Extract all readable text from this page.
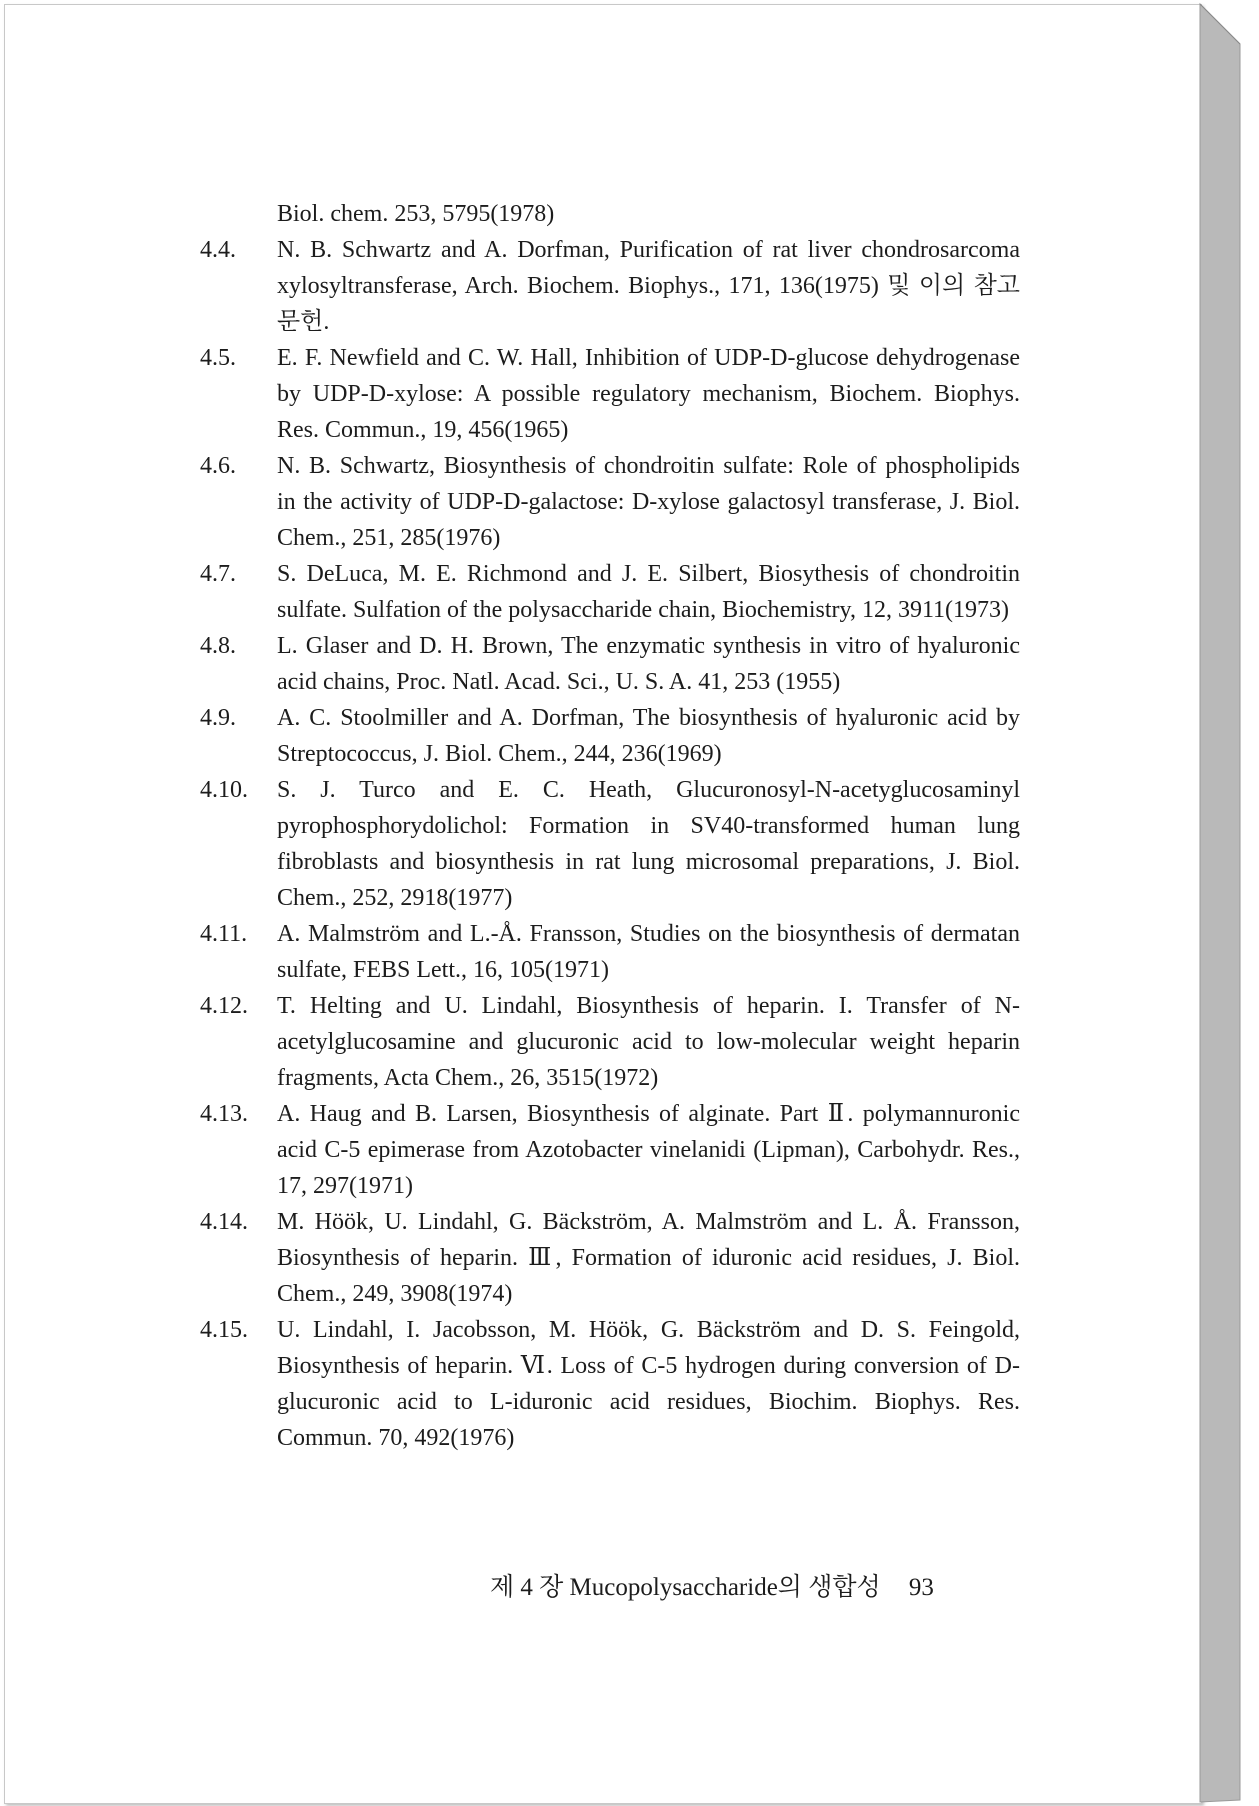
Biol. chem. 253, 5795(1978)
4.4. N. B. Schwartz and A. Dorfman, Purification of rat liver chondrosarcoma xylosyltransferase, Arch. Biochem. Biophys., 171, 136(1975) 및 이의 참고문헌.
4.5. E. F. Newfield and C. W. Hall, Inhibition of UDP-D-glucose dehydrogenase by UDP-D-xylose: A possible regulatory mechanism, Biochem. Biophys. Res. Commun., 19, 456(1965)
4.6. N. B. Schwartz, Biosynthesis of chondroitin sulfate: Role of phospholipids in the activity of UDP-D-galactose: D-xylose galactosyl transferase, J. Biol. Chem., 251, 285(1976)
4.7. S. DeLuca, M. E. Richmond and J. E. Silbert, Biosythesis of chondroitin sulfate. Sulfation of the polysaccharide chain, Biochemistry, 12, 3911(1973)
4.8. L. Glaser and D. H. Brown, The enzymatic synthesis in vitro of hyaluronic acid chains, Proc. Natl. Acad. Sci., U. S. A. 41, 253 (1955)
4.9. A. C. Stoolmiller and A. Dorfman, The biosynthesis of hyaluronic acid by Streptococcus, J. Biol. Chem., 244, 236(1969)
4.10. S. J. Turco and E. C. Heath, Glucuronosyl-N-acetyglucosaminyl pyrophosphorydolichol: Formation in SV40-transformed human lung fibroblasts and biosynthesis in rat lung microsomal preparations, J. Biol. Chem., 252, 2918(1977)
4.11. A. Malmström and L.-Å. Fransson, Studies on the biosynthesis of dermatan sulfate, FEBS Lett., 16, 105(1971)
4.12. T. Helting and U. Lindahl, Biosynthesis of heparin. I. Transfer of N-acetylglucosamine and glucuronic acid to low-molecular weight heparin fragments, Acta Chem., 26, 3515(1972)
4.13. A. Haug and B. Larsen, Biosynthesis of alginate. Part Ⅱ. polymannuronic acid C-5 epimerase from Azotobacter vinelanidi (Lipman), Carbohydr. Res., 17, 297(1971)
4.14. M. Höök, U. Lindahl, G. Bäckström, A. Malmström and L. Å. Fransson, Biosynthesis of heparin. Ⅲ, Formation of iduronic acid residues, J. Biol. Chem., 249, 3908(1974)
4.15. U. Lindahl, I. Jacobsson, M. Höök, G. Bäckström and D. S. Feingold, Biosynthesis of heparin. Ⅵ. Loss of C-5 hydrogen during conversion of D-glucuronic acid to L-iduronic acid residues, Biochim. Biophys. Res. Commun. 70, 492(1976)
제 4 장 Mucopolysaccharide의 생합성 93
